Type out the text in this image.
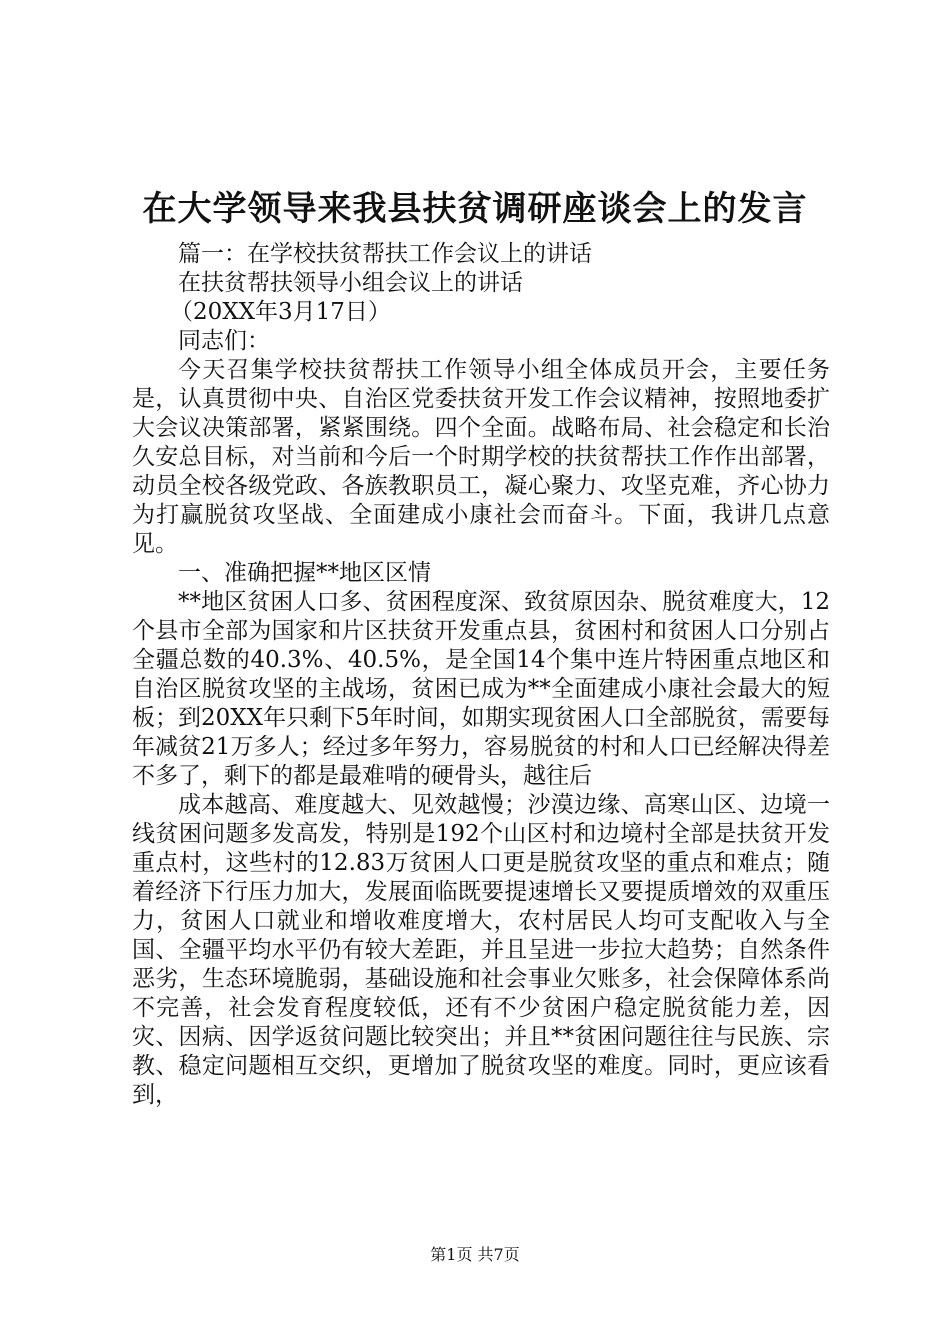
在大学领导来我县扶贫调研座谈会上的发言

篇一：在学校扶贫帮扶工作会议上的讲话

在扶贫帮扶领导小组会议上的讲话

（20XX年3月17日）

同志们：

今天召集学校扶贫帮扶工作领导小组全体成员开会，主要任务是，认真贯彻中央、自治区党委扶贫开发工作会议精神，按照地委扩大会议决策部署，紧紧围绕。四个全面。战略布局、社会稳定和长治久安总目标，对当前和今后一个时期学校的扶贫帮扶工作作出部署，动员全校各级党政、各族教职员工，凝心聚力、攻坚克难，齐心协力为打赢脱贫攻坚战、全面建成小康社会而奋斗。下面，我讲几点意见。

一、准确把握**地区区情

**地区贫困人口多、贫困程度深、致贫原因杂、脱贫难度大，12个县市全部为国家和片区扶贫开发重点县，贫困村和贫困人口分别占全疆总数的40.3%、40.5%，是全国14个集中连片特困重点地区和自治区脱贫攻坚的主战场，贫困已成为**全面建成小康社会最大的短板；到20XX年只剩下5年时间，如期实现贫困人口全部脱贫，需要每年减贫21万多人；经过多年努力，容易脱贫的村和人口已经解决得差不多了，剩下的都是最难啃的硬骨头，越往后

成本越高、难度越大、见效越慢；沙漠边缘、高寒山区、边境一线贫困问题多发高发，特别是192个山区村和边境村全部是扶贫开发重点村，这些村的12.83万贫困人口更是脱贫攻坚的重点和难点；随着经济下行压力加大，发展面临既要提速增长又要提质增效的双重压力，贫困人口就业和增收难度增大，农村居民人均可支配收入与全国、全疆平均水平仍有较大差距，并且呈进一步拉大趋势；自然条件恶劣，生态环境脆弱，基础设施和社会事业欠账多，社会保障体系尚不完善，社会发育程度较低，还有不少贫困户稳定脱贫能力差，因灾、因病、因学返贫问题比较突出；并且**贫困问题往往与民族、宗教、稳定问题相互交织，更增加了脱贫攻坚的难度。同时，更应该看到，

第1页 共7页
